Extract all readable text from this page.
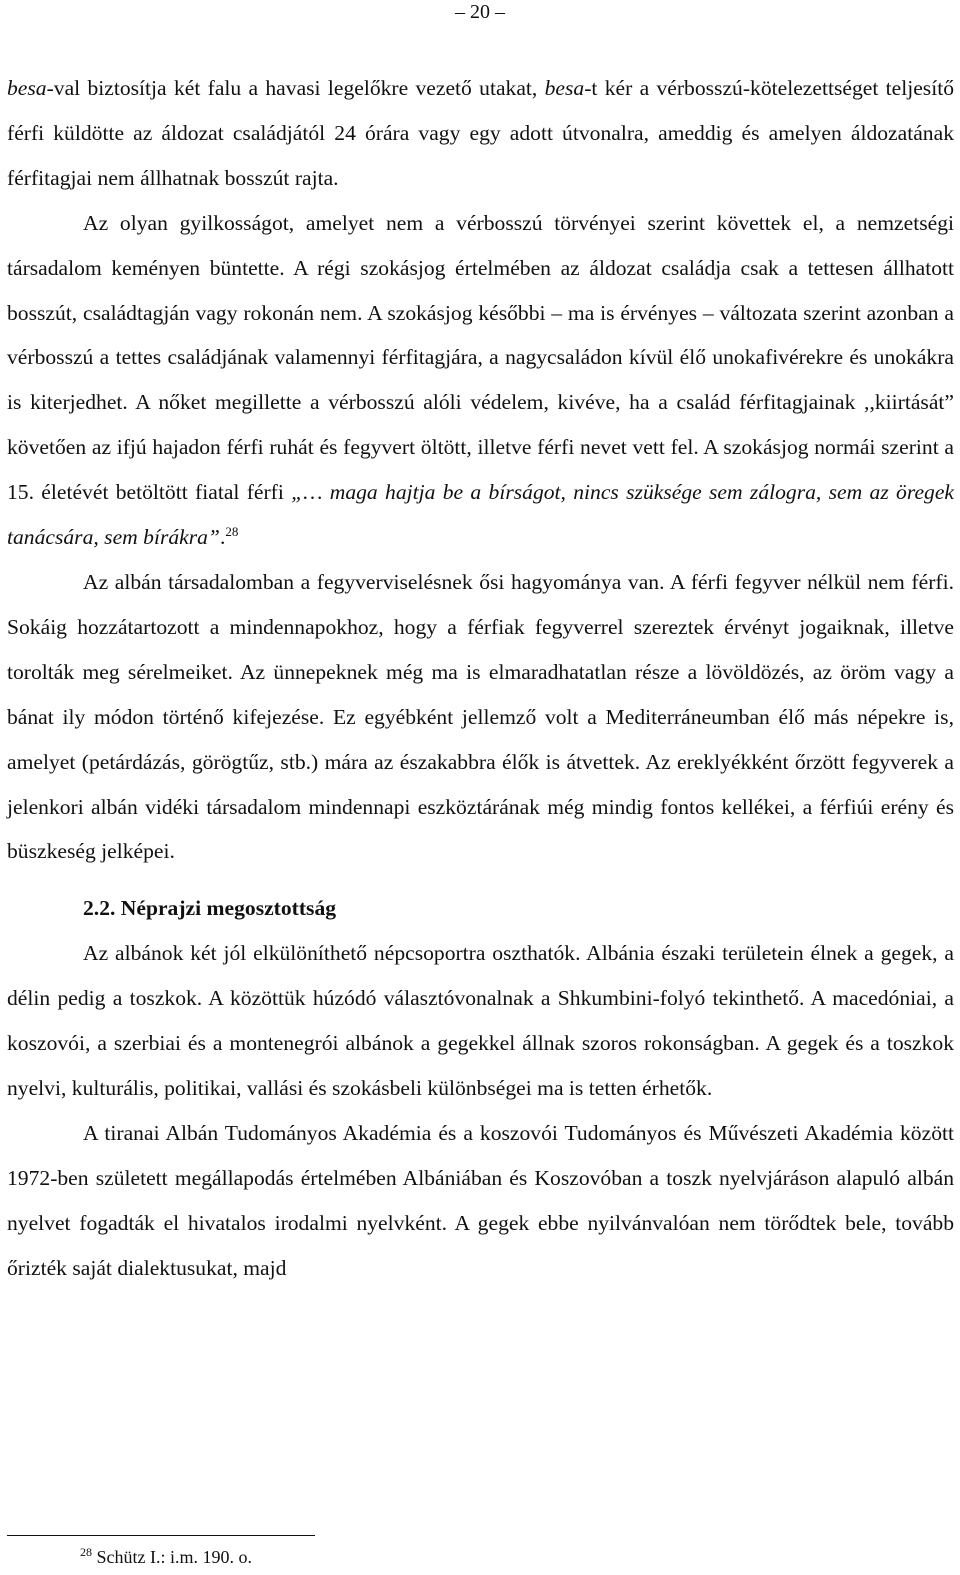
– 20 –

besa-val biztosítja két falu a havasi legelőkre vezető utakat, besa-t kér a vérbosszú-kötelezettséget teljesítő férfi küldötte az áldozat családjától 24 órára vagy egy adott útvonalra, ameddig és amelyen áldozatának férfitagjai nem állhatnak bosszút rajta.

Az olyan gyilkosságot, amelyet nem a vérbosszú törvényei szerint követtek el, a nemzetségi társadalom keményen büntette. A régi szokásjog értelmében az áldozat családja csak a tettesen állhatott bosszút, családtagján vagy rokonán nem. A szokásjog későbbi – ma is érvényes – változata szerint azonban a vérbosszú a tettes családjának valamennyi férfitagjára, a nagycsaládon kívül élő unokafivérekre és unokákra is kiterjedhet. A nőket megillette a vérbosszú alóli védelem, kivéve, ha a család férfitagjainak ,,kiirtását” követően az ifjú hajadon férfi ruhát és fegyvert öltött, illetve férfi nevet vett fel. A szokásjog normái szerint a 15. életévét betöltött fiatal férfi „… maga hajtja be a bírságot, nincs szüksége sem zálogra, sem az öregek tanácsára, sem bírákra”.$^{28}$

Az albán társadalomban a fegyverviselésnek ősi hagyománya van. A férfi fegyver nélkül nem férfi. Sokáig hozzátartozott a mindennapokhoz, hogy a férfiak fegyverrel szereztek érvényt jogaiknak, illetve torolták meg sérelmeiket. Az ünnepeknek még ma is elmaradhatatlan része a lövöldözés, az öröm vagy a bánat ily módon történő kifejezése. Ez egyébként jellemző volt a Mediterráneumban élő más népekre is, amelyet (petárdázás, görögtűz, stb.) mára az északabbra élők is átvettek. Az ereklyékként őrzött fegyverek a jelenkori albán vidéki társadalom mindennapi eszköztárának még mindig fontos kellékei, a férfiúi erény és büszkeség jelképei.

2.2. Néprajzi megosztottság

Az albánok két jól elkülöníthető népcsoportra oszthatók. Albánia északi területein élnek a gegek, a délin pedig a toszkok. A közöttük húzódó választóvonalnak a Shkumbini-folyó tekinthető. A macedóniai, a koszovói, a szerbiai és a montenegrói albánok a gegekkel állnak szoros rokonságban. A gegek és a toszkok nyelvi, kulturális, politikai, vallási és szokásbeli különbségei ma is tetten érhetők.

A tiranai Albán Tudományos Akadémia és a koszovói Tudományos és Művészeti Akadémia között 1972-ben született megállapodás értelmében Albániában és Koszovóban a toszk nyelvjáráson alapuló albán nyelvet fogadták el hivatalos irodalmi nyelvként. A gegek ebbe nyilvánvalóan nem törődtek bele, tovább őrizték saját dialektusukat, majd

$^{28}$ Schütz I.: i.m. 190. o.
